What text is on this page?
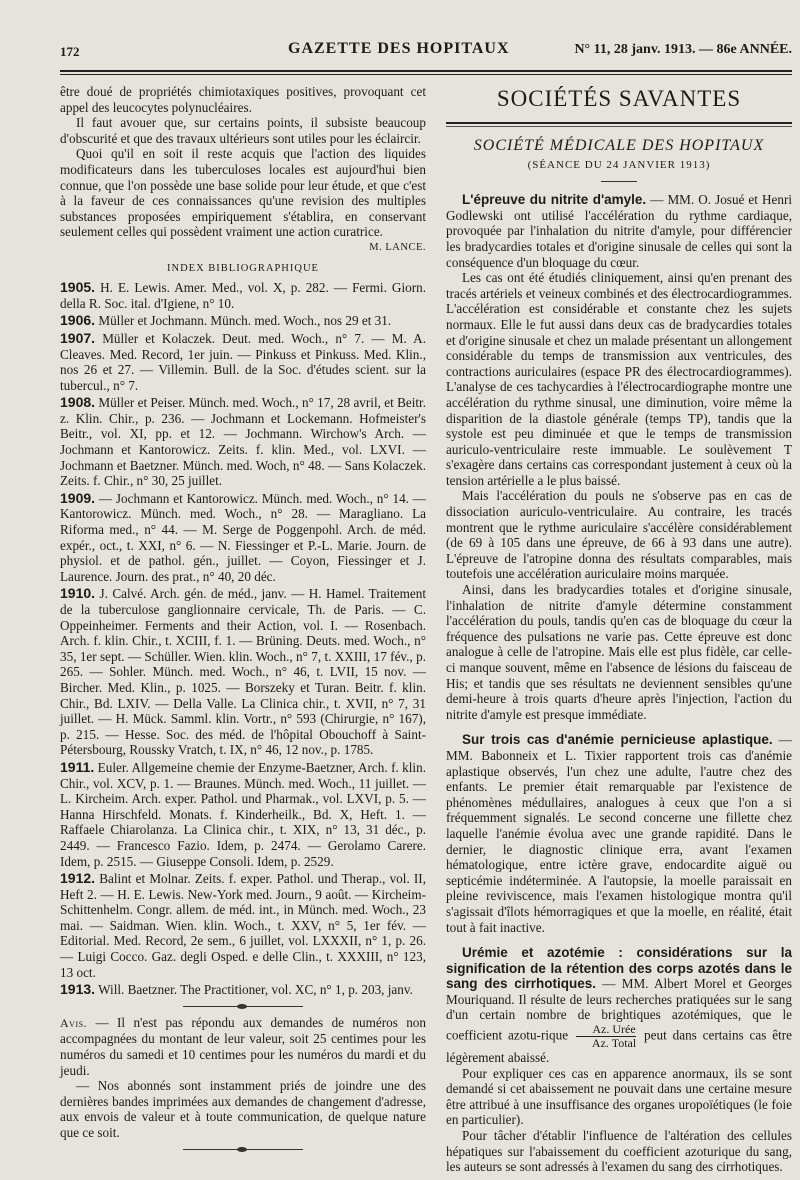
172	GAZETTE DES HOPITAUX	N° 11, 28 janv. 1913. — 86e ANNÉE.

être doué de propriétés chimiotaxiques positives, provoquant cet appel des leucocytes polynucléaires.

Il faut avouer que, sur certains points, il subsiste beaucoup d'obscurité et que des travaux ultérieurs sont utiles pour les éclaircir.

Quoi qu'il en soit il reste acquis que l'action des liquides modificateurs dans les tuberculoses locales est aujourd'hui bien connue, que l'on possède une base solide pour leur étude, et que c'est à la faveur de ces connaissances qu'une revision des multiples substances proposées empiriquement s'établira, en conservant seulement celles qui possèdent vraiment une action curatrice.

M. LANCE.

INDEX BIBLIOGRAPHIQUE

1905. H. E. Lewis. Amer. Med., vol. X, p. 282. — Fermi. Giorn. della R. Soc. ital. d'Igiene, n° 10.

1906. Müller et Jochmann. Münch. med. Woch., nos 29 et 31.

1907. Müller et Kolaczek. Deut. med. Woch., n° 7. — M. A. Cleaves. Med. Record, 1er juin. — Pinkuss et Pinkuss. Med. Klin., nos 26 et 27. — Villemin. Bull. de la Soc. d'études scient. sur la tubercul., n° 7.

1908. Müller et Peiser. Münch. med. Woch., n° 17, 28 avril, et Beitr. z. Klin. Chir., p. 236. — Jochmann et Lockemann. Hofmeister's Beitr., vol. XI, pp. et 12. — Jochmann. Wirchow's Arch. — Jochmann et Kantorowicz. Zeits. f. klin. Med., vol. LXVI. — Jochmann et Baetzner. Münch. med. Woch, n° 48. — Sans Kolaczek. Zeits. f. Chir., n° 30, 25 juillet.

1909. — Jochmann et Kantorowicz. Münch. med. Woch., n° 14. — Kantorowicz. Münch. med. Woch., n° 28. — Maragliano. La Riforma med., n° 44. — M. Serge de Poggenpohl. Arch. de méd. expér., oct., t. XXI, n° 6. — N. Fiessinger et P.-L. Marie. Journ. de physiol. et de pathol. gén., juillet. — Coyon, Fiessinger et J. Laurence. Journ. des prat., n° 40, 20 déc.

1910. J. Calvé. Arch. gén. de méd., janv. — H. Hamel. Traitement de la tuberculose ganglionnaire cervicale, Th. de Paris. — C. Oppeinheimer. Ferments and their Action, vol. I. — Rosenbach. Arch. f. klin. Chir., t. XCIII, f. 1. — Brüning. Deuts. med. Woch., n° 35, 1er sept. — Schüller. Wien. klin. Woch., n° 7, t. XXIII, 17 fév., p. 265. — Sohler. Münch. med. Woch., n° 46, t. LVII, 15 nov. — Bircher. Med. Klin., p. 1025. — Borszeky et Turan. Beitr. f. klin. Chir., Bd. LXIV. — Della Valle. La Clinica chir., t. XVII, n° 7, 31 juillet. — H. Mück. Samml. klin. Vortr., n° 593 (Chirurgie, n° 167), p. 215. — Hesse. Soc. des méd. de l'hôpital Obouchoff à Saint-Pétersbourg, Roussky Vratch, t. IX, n° 46, 12 nov., p. 1785.

1911. Euler. Allgemeine chemie der Enzyme-Baetzner, Arch. f. klin. Chir., vol. XCV, p. 1. — Braunes. Münch. med. Woch., 11 juillet. — L. Kircheim. Arch. exper. Pathol. und Pharmak., vol. LXVI, p. 5. — Hanna Hirschfeld. Monats. f. Kinderheilk., Bd. X, Heft. 1. — Raffaele Chiarolanza. La Clinica chir., t. XIX, n° 13, 31 déc., p. 2449. — Francesco Fazio. Idem, p. 2474. — Gerolamo Carere. Idem, p. 2515. — Giuseppe Consoli. Idem, p. 2529.

1912. Balint et Molnar. Zeits. f. exper. Pathol. und Therap., vol. II, Heft 2. — H. E. Lewis. New-York med. Journ., 9 août. — Kircheim-Schittenhelm. Congr. allem. de méd. int., in Münch. med. Woch., 23 mai. — Saidman. Wien. klin. Woch., t. XXV, n° 5, 1er fév. — Editorial. Med. Record, 2e sem., 6 juillet, vol. LXXXII, n° 1, p. 26. — Luigi Cocco. Gaz. degli Osped. e delle Clin., t. XXXIII, n° 123, 13 oct.

1913. Will. Baetzner. The Practitioner, vol. XC, n° 1, p. 203, janv.

Avis. — Il n'est pas répondu aux demandes de numéros non accompagnées du montant de leur valeur, soit 25 centimes pour les numéros du samedi et 10 centimes pour les numéros du mardi et du jeudi.

— Nos abonnés sont instamment priés de joindre une des dernières bandes imprimées aux demandes de changement d'adresse, aux envois de valeur et à toute communication, de quelque nature que ce soit.

SOCIÉTÉS SAVANTES

SOCIÉTÉ MÉDICALE DES HOPITAUX

(SÉANCE DU 24 JANVIER 1913)

L'épreuve du nitrite d'amyle. — MM. O. Josué et Henri Godlewski ont utilisé l'accélération du rythme cardiaque, provoquée par l'inhalation du nitrite d'amyle, pour différencier les bradycardies totales et d'origine sinusale de celles qui sont la conséquence d'un bloquage du cœur.

Les cas ont été étudiés cliniquement, ainsi qu'en prenant des tracés artériels et veineux combinés et des électrocardiogrammes. L'accélération est considérable et constante chez les sujets normaux. Elle le fut aussi dans deux cas de bradycardies totales et d'origine sinusale et chez un malade présentant un allongement considérable du temps de transmission aux ventricules, des contractions auriculaires (espace PR des électrocardiogrammes). L'analyse de ces tachycardies à l'électrocardiographe montre une accélération du rythme sinusal, une diminution, voire même la disparition de la diastole générale (temps TP), tandis que la systole est peu diminuée et que le temps de transmission auriculo-ventriculaire reste immuable. Le soulèvement T s'exagère dans certains cas correspondant justement à ceux où la tension artérielle a le plus baissé.

Mais l'accélération du pouls ne s'observe pas en cas de dissociation auriculo-ventriculaire. Au contraire, les tracés montrent que le rythme auriculaire s'accélère considérablement (de 69 à 105 dans une épreuve, de 66 à 93 dans une autre). L'épreuve de l'atropine donna des résultats comparables, mais toutefois une accélération auriculaire moins marquée.

Ainsi, dans les bradycardies totales et d'origine sinusale, l'inhalation de nitrite d'amyle détermine constamment l'accélération du pouls, tandis qu'en cas de bloquage du cœur la fréquence des pulsations ne varie pas. Cette épreuve est donc analogue à celle de l'atropine. Mais elle est plus fidèle, car celle-ci manque souvent, même en l'absence de lésions du faisceau de His; et tandis que ses résultats ne deviennent sensibles qu'une demi-heure à trois quarts d'heure après l'injection, l'action du nitrite d'amyle est presque immédiate.

Sur trois cas d'anémie pernicieuse aplastique. — MM. Babonneix et L. Tixier rapportent trois cas d'anémie aplastique observés, l'un chez une adulte, l'autre chez des enfants. Le premier était remarquable par l'existence de phénomènes médullaires, analogues à ceux que l'on a si fréquemment signalés. Le second concerne une fillette chez laquelle l'anémie évolua avec une grande rapidité. Dans le dernier, le diagnostic clinique erra, avant l'examen hématologique, entre ictère grave, endocardite aiguë ou septicémie indéterminée. A l'autopsie, la moelle paraissait en pleine reviviscence, mais l'examen histologique montra qu'il s'agissait d'îlots hémorragiques et que la moelle, en réalité, était tout à fait inactive.

Urémie et azotémie : considérations sur la signification de la rétention des corps azotés dans le sang des cirrhotiques. — MM. Albert Morel et Georges Mouriquand. Il résulte de leurs recherches pratiquées sur le sang d'un certain nombre de brightiques azotémiques, que le coefficient azotu-rique $\frac{\text{Az. Urée}}{\text{Az. Total}}$ peut dans certains cas être légèrement abaissé.

Pour expliquer ces cas en apparence anormaux, ils se sont demandé si cet abaissement ne pouvait dans une certaine mesure être attribué à une insuffisance des organes uropoïétiques (le foie en particulier).

Pour tâcher d'établir l'influence de l'altération des cellules hépatiques sur l'abaissement du coefficient azoturique du sang, les auteurs se sont adressés à l'examen du sang des cirrhotiques.
